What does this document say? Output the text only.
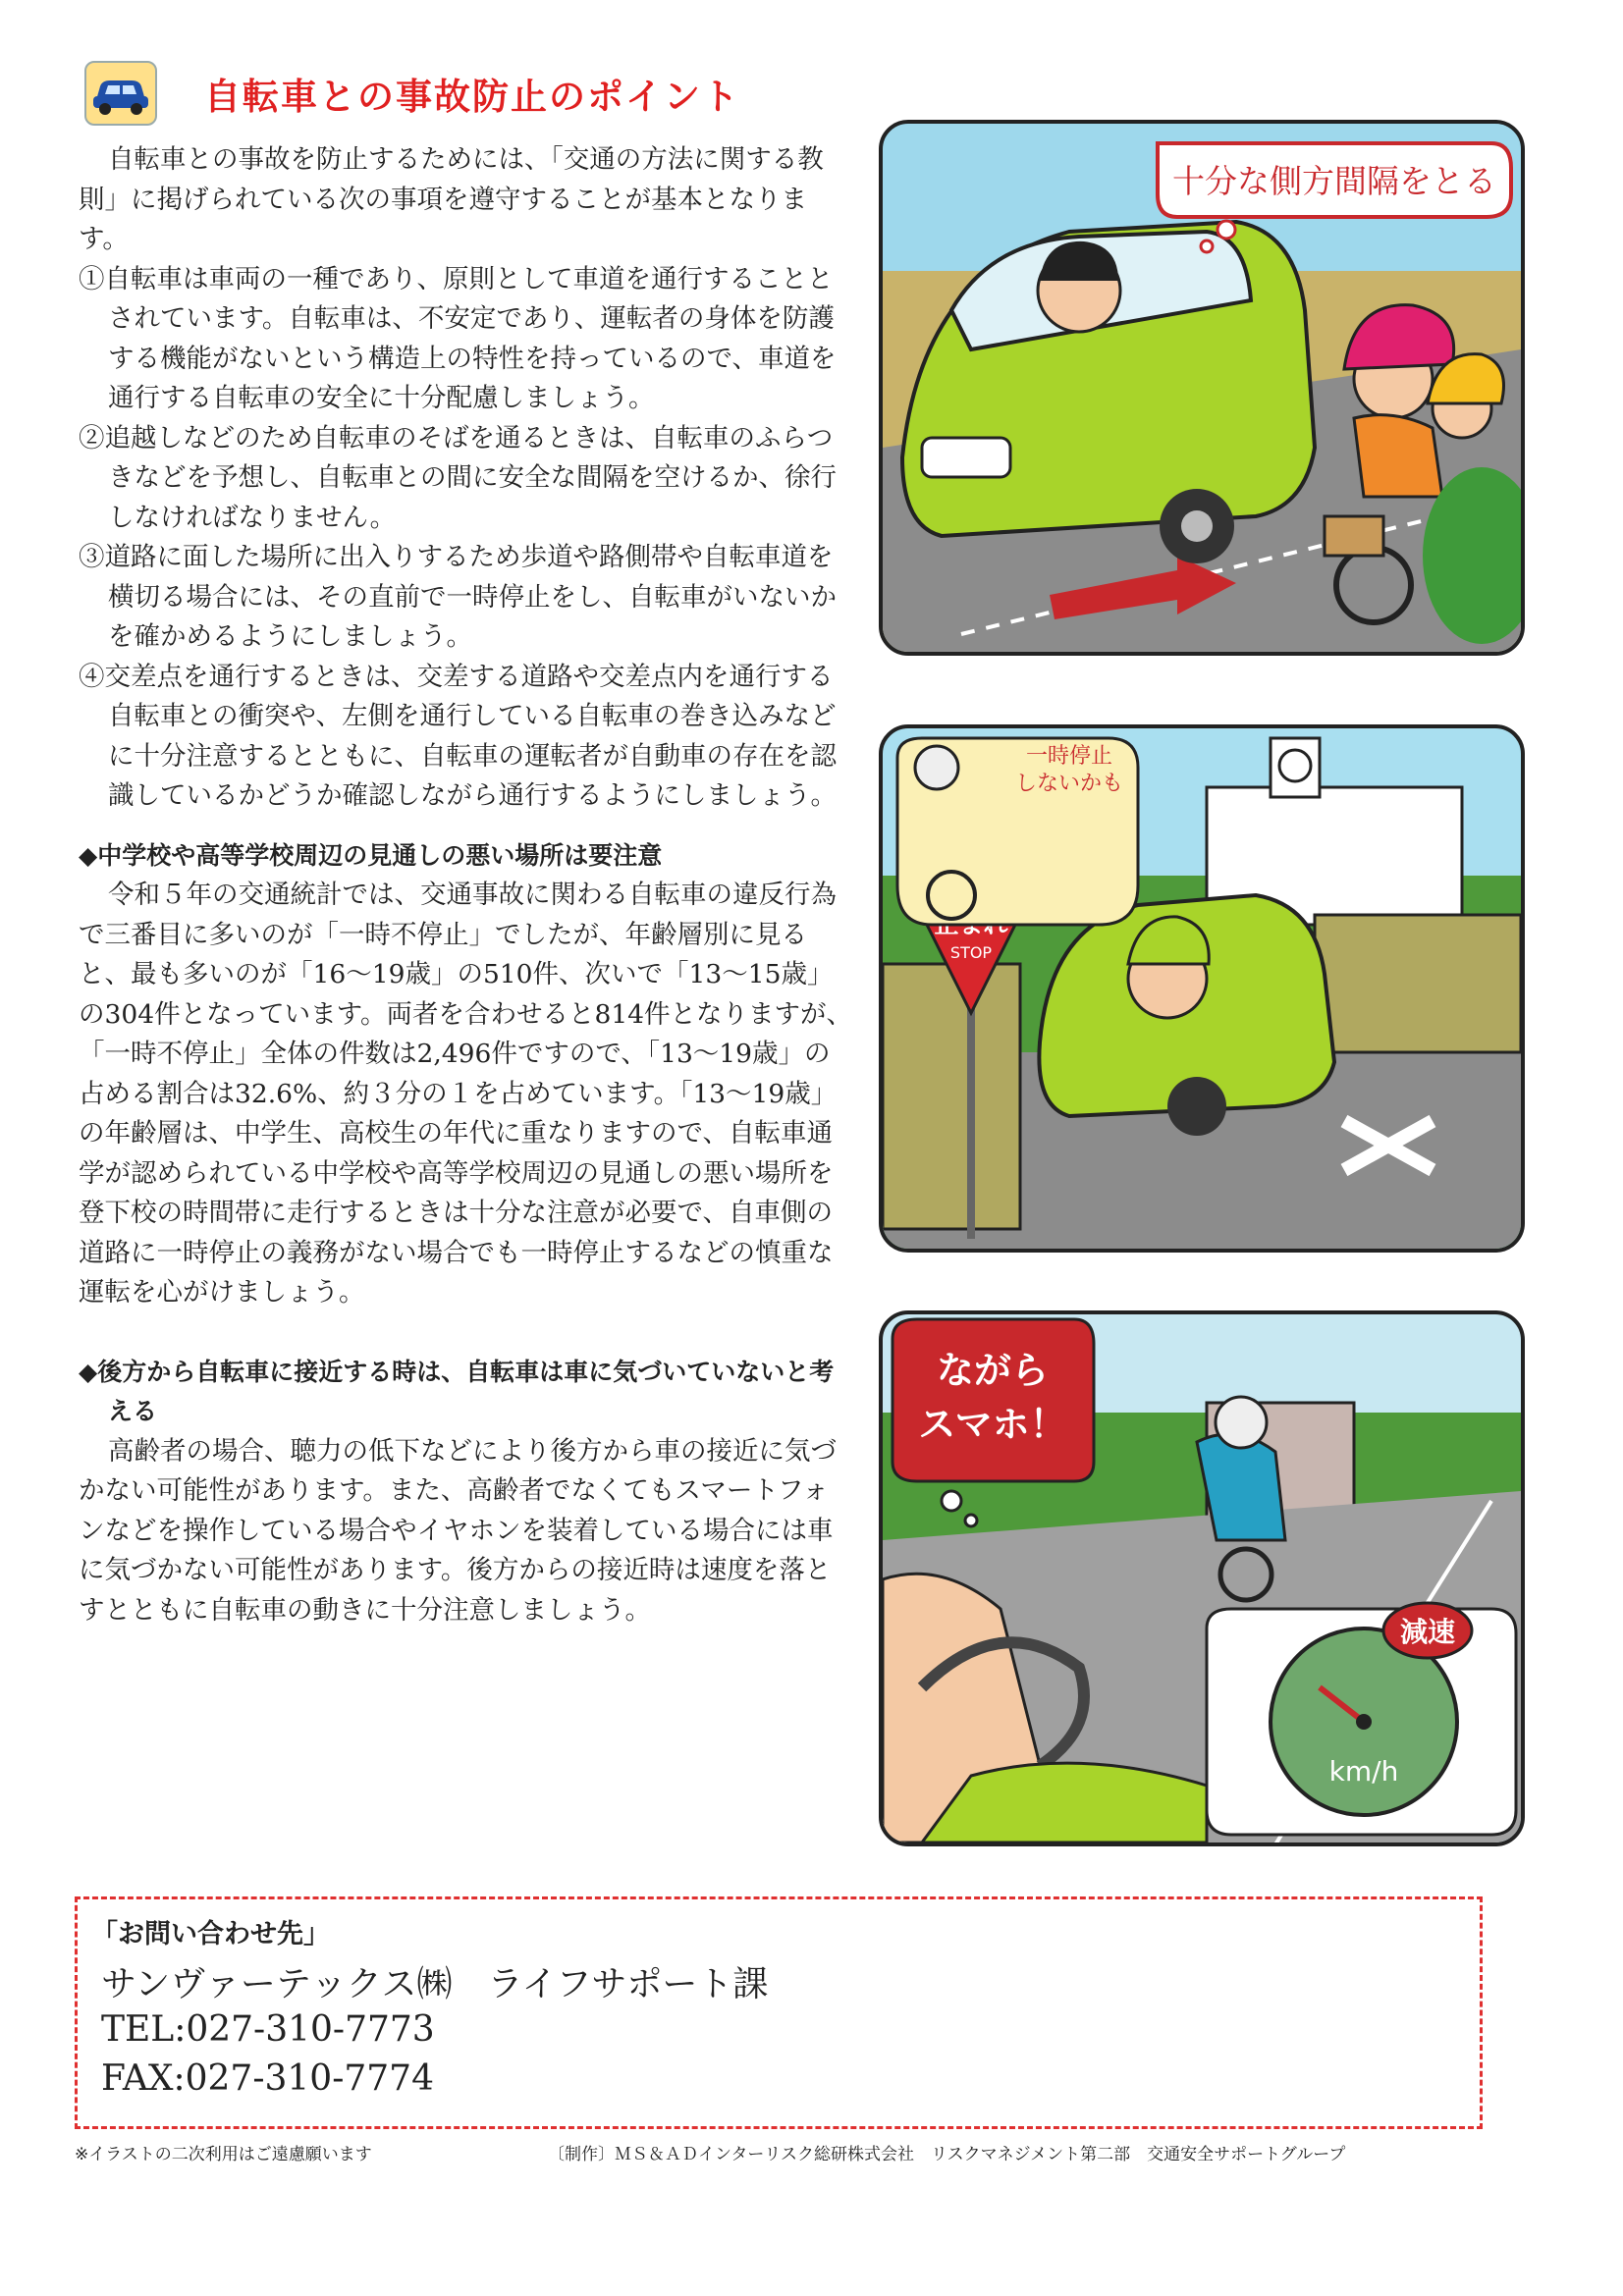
自転車との事故防止のポイント

自転車との事故を防止するためには、「交通の方法に関する教則」に掲げられている次の事項を遵守することが基本となります。

①自転車は車両の一種であり、原則として車道を通行することとされています。自転車は、不安定であり、運転者の身体を防護する機能がないという構造上の特性を持っているので、車道を通行する自転車の安全に十分配慮しましょう。

②追越しなどのため自転車のそばを通るときは、自転車のふらつきなどを予想し、自転車との間に安全な間隔を空けるか、徐行しなければなりません。

③道路に面した場所に出入りするため歩道や路側帯や自転車道を横切る場合には、その直前で一時停止をし、自転車がいないかを確かめるようにしましょう。

④交差点を通行するときは、交差する道路や交差点内を通行する自転車との衝突や、左側を通行している自転車の巻き込みなどに十分注意するとともに、自転車の運転者が自動車の存在を認識しているかどうか確認しながら通行するようにしましょう。

◆中学校や高等学校周辺の見通しの悪い場所は要注意

令和５年の交通統計では、交通事故に関わる自転車の違反行為で三番目に多いのが「一時不停止」でしたが、年齢層別に見ると、最も多いのが「16～19歳」の510件、次いで「13～15歳」の304件となっています。両者を合わせると814件となりますが、「一時不停止」全体の件数は2,496件ですので、「13～19歳」の占める割合は32.6%、約３分の１を占めています。「13～19歳」の年齢層は、中学生、高校生の年代に重なりますので、自転車通学が認められている中学校や高等学校周辺の見通しの悪い場所を登下校の時間帯に走行するときは十分な注意が必要で、自車側の道路に一時停止の義務がない場合でも一時停止するなどの慎重な運転を心がけましょう。

◆後方から自転車に接近する時は、自転車は車に気づいていないと考える

高齢者の場合、聴力の低下などにより後方から車の接近に気づかない可能性があります。また、高齢者でなくてもスマートフォンなどを操作している場合やイヤホンを装着している場合には車に気づかない可能性があります。後方からの接近時は速度を落とすとともに自転車の動きに十分注意しましょう。

十分な側方間隔をとる
STOP
一時停止
しないかも
ながら
スマホ！
減速
km/h
「お問い合わせ先」
サンヴァーテックス㈱　ライフサポート課
TEL:027-310-7773
FAX:027-310-7774
※イラストの二次利用はご遠慮願います	〔制作〕ＭＳ＆ＡＤインターリスク総研株式会社　リスクマネジメント第二部　交通安全サポートグループ
